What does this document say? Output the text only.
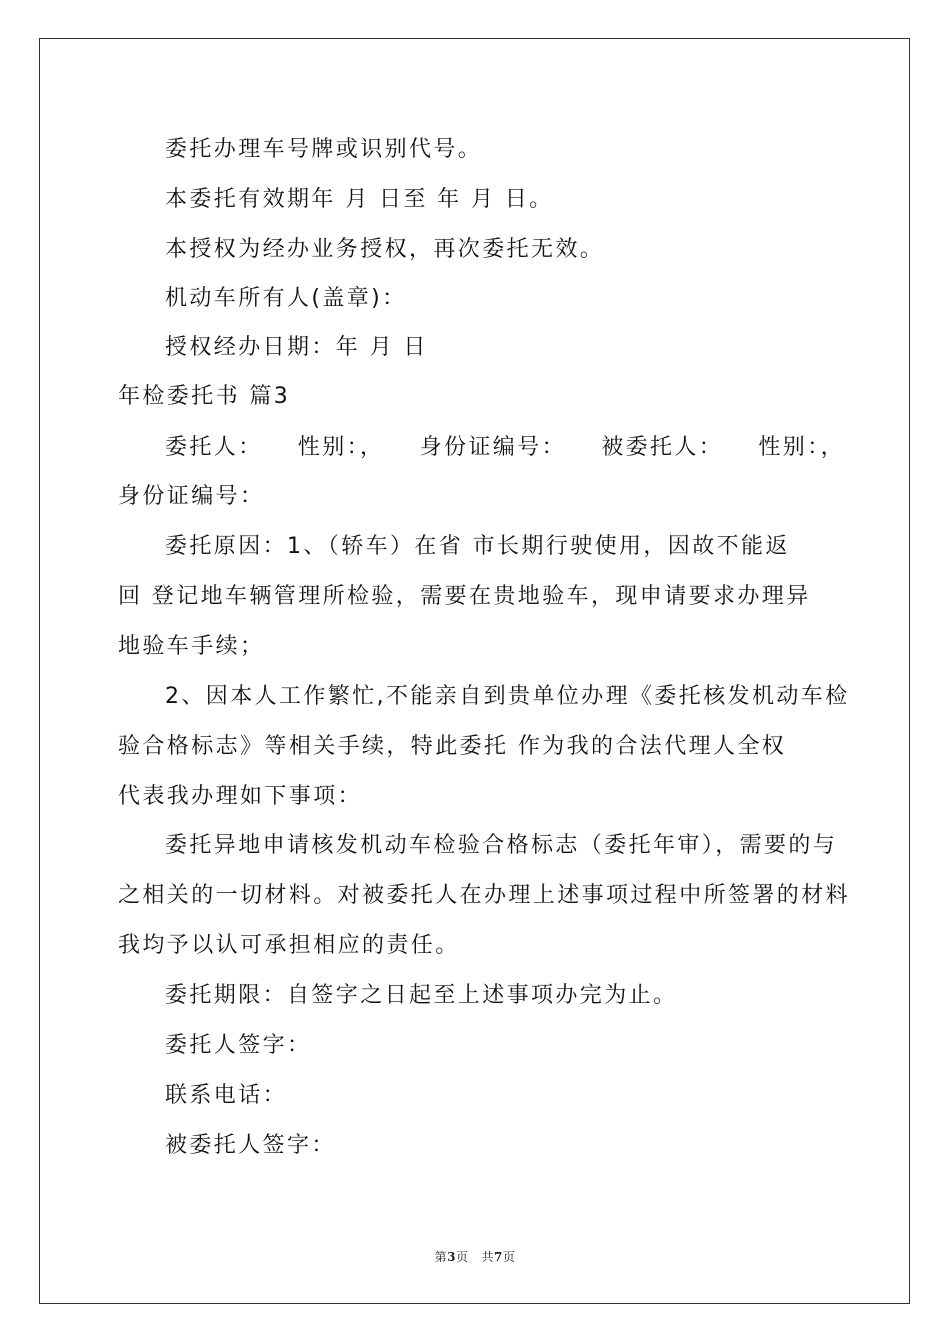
委托办理车号牌或识别代号。
本委托有效期年 月 日至 年 月 日。
本授权为经办业务授权，再次委托无效。
机动车所有人(盖章)：
授权经办日期：年 月 日
年检委托书 篇3
委托人： 性别：， 身份证编号： 被委托人： 性别：，
身份证编号：
委托原因：1、（轿车）在省 市长期行驶使用，因故不能返
回 登记地车辆管理所检验，需要在贵地验车，现申请要求办理异
地验车手续；
2、因本人工作繁忙,不能亲自到贵单位办理《委托核发机动车检
验合格标志》等相关手续，特此委托 作为我的合法代理人全权
代表我办理如下事项：
委托异地申请核发机动车检验合格标志（委托年审），需要的与
之相关的一切材料。对被委托人在办理上述事项过程中所签署的材料
我均予以认可承担相应的责任。
委托期限：自签字之日起至上述事项办完为止。
委托人签字：
联系电话：
被委托人签字：
第3页 共7页
